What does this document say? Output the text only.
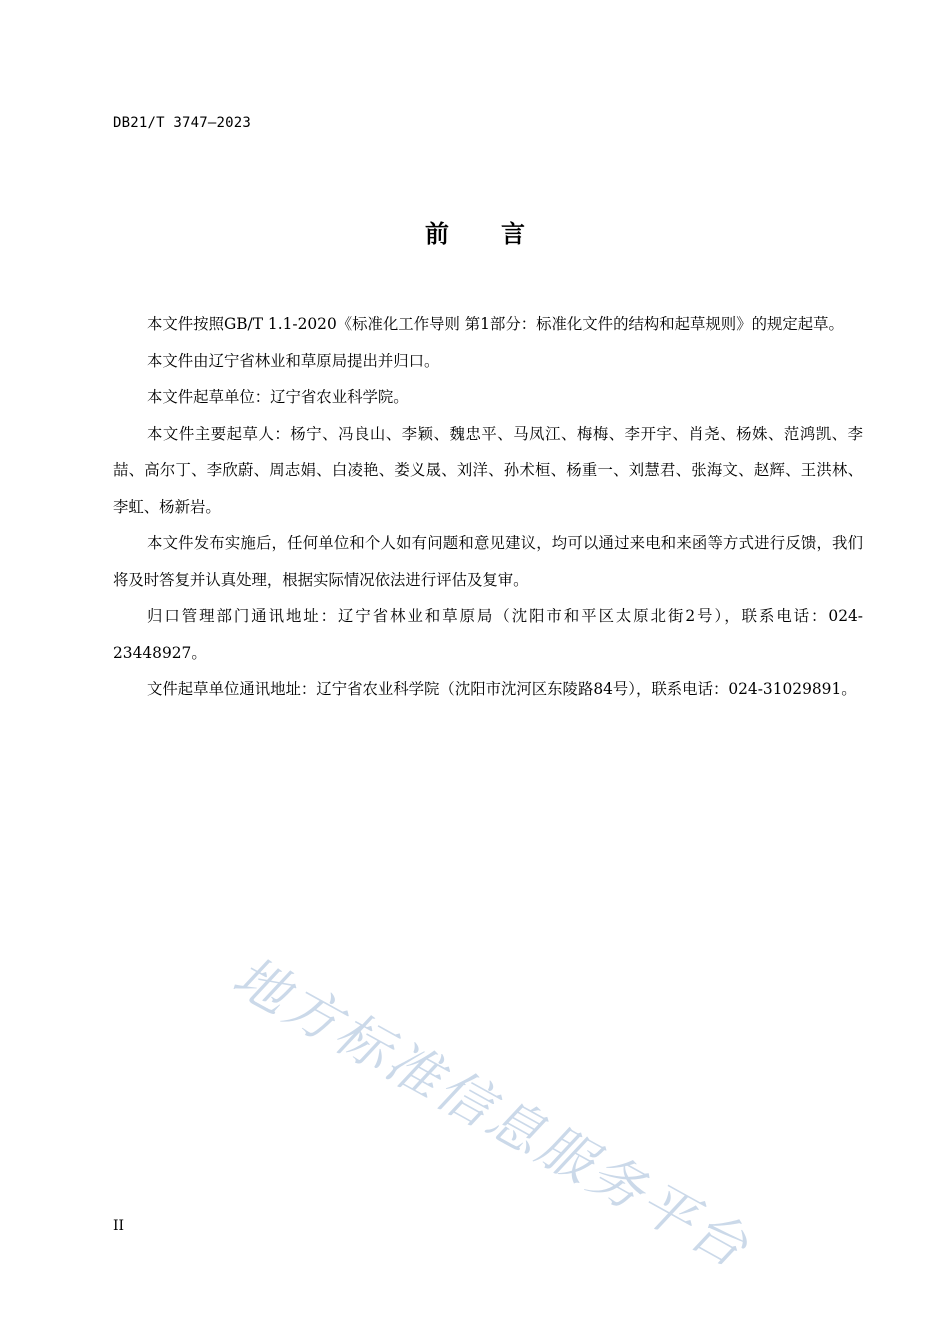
DB21/T 3747—2023
前 言

本文件按照GB/T 1.1-2020《标准化工作导则 第1部分：标准化文件的结构和起草规则》的规定起草。

本文件由辽宁省林业和草原局提出并归口。

本文件起草单位：辽宁省农业科学院。

本文件主要起草人：杨宁、冯良山、李颖、魏忠平、马凤江、梅梅、李开宇、肖尧、杨姝、范鸿凯、李喆、高尔丁、李欣蔚、周志娟、白凌艳、娄义晟、刘洋、孙术桓、杨重一、刘慧君、张海文、赵辉、王洪林、李虹、杨新岩。

本文件发布实施后，任何单位和个人如有问题和意见建议，均可以通过来电和来函等方式进行反馈，我们将及时答复并认真处理，根据实际情况依法进行评估及复审。

归口管理部门通讯地址：辽宁省林业和草原局（沈阳市和平区太原北街2号），联系电话：024-23448927。

文件起草单位通讯地址：辽宁省农业科学院（沈阳市沈河区东陵路84号），联系电话：024-31029891。

地方标准信息服务平台
II
